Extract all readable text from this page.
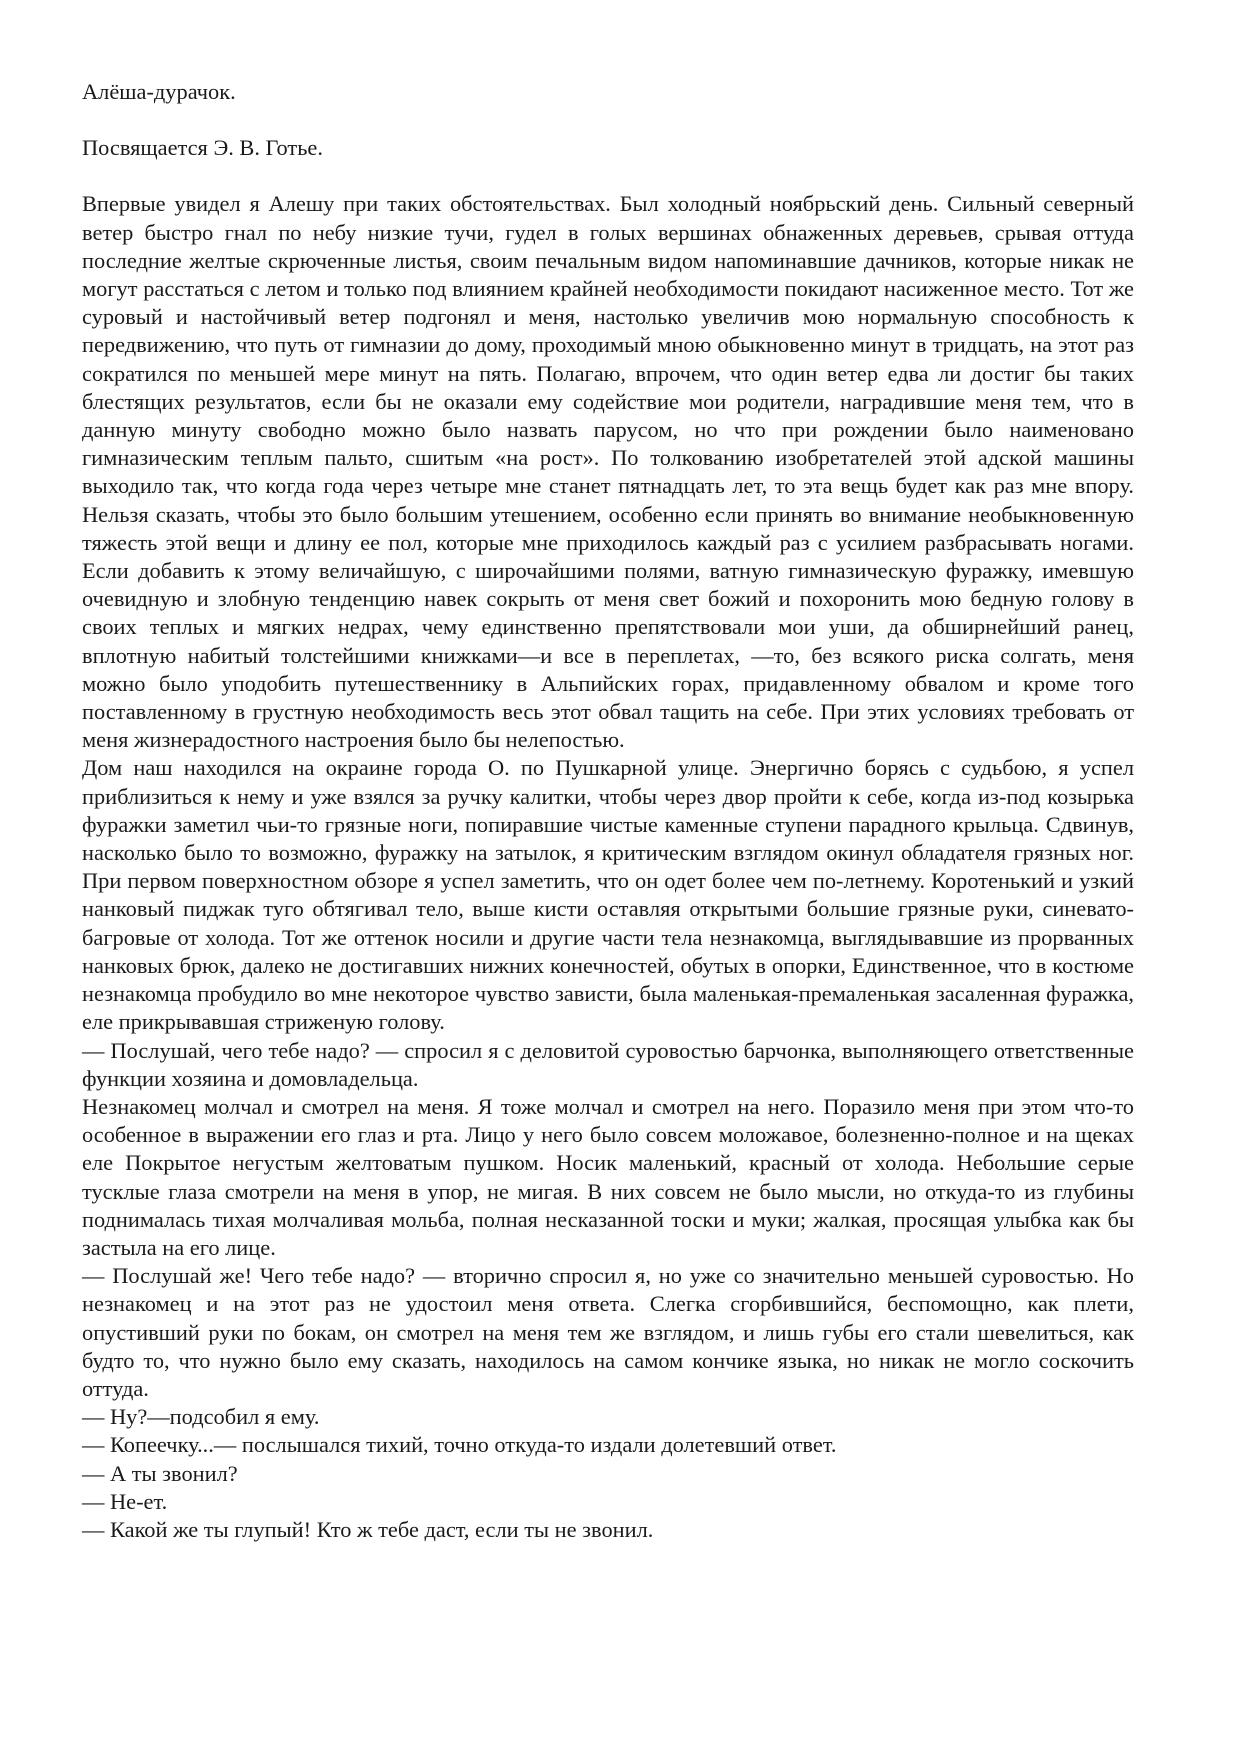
Алёша-дурачок.

Посвящается Э. В. Готье.

Впервые увидел я Алешу при таких обстоятельствах. Был холодный ноябрьский день. Сильный северный ветер быстро гнал по небу низкие тучи, гудел в голых вершинах обнаженных деревьев, срывая оттуда последние желтые скрюченные листья, своим печальным видом напоминавшие дачников, которые никак не могут расстаться с летом и только под влиянием крайней необходимости покидают насиженное место. Тот же суровый и настойчивый ветер подгонял и меня, настолько увеличив мою нормальную способность к передвижению, что путь от гимназии до дому, проходимый мною обыкновенно минут в тридцать, на этот раз сократился по меньшей мере минут на пять. Полагаю, впрочем, что один ветер едва ли достиг бы таких блестящих результатов, если бы не оказали ему содействие мои родители, наградившие меня тем, что в данную минуту свободно можно было назвать парусом, но что при рождении было наименовано гимназическим теплым пальто, сшитым «на рост». По толкованию изобретателей этой адской машины выходило так, что когда года через четыре мне станет пятнадцать лет, то эта вещь будет как раз мне впору. Нельзя сказать, чтобы это было большим утешением, особенно если принять во внимание необыкновенную тяжесть этой вещи и длину ее пол, которые мне приходилось каждый раз с усилием разбрасывать ногами. Если добавить к этому величайшую, с широчайшими полями, ватную гимназическую фуражку, имевшую очевидную и злобную тенденцию навек сокрыть от меня свет божий и похоронить мою бедную голову в своих теплых и мягких недрах, чему единственно препятствовали мои уши, да обширнейший ранец, вплотную набитый толстейшими книжками—и все в переплетах, —то, без всякого риска солгать, меня можно было уподобить путешественнику в Альпийских горах, придавленному обвалом и кроме того поставленному в грустную необходимость весь этот обвал тащить на себе. При этих условиях требовать от меня жизнерадостного настроения было бы нелепостью.

Дом наш находился на окраине города О. по Пушкарной улице. Энергично борясь с судьбою, я успел приблизиться к нему и уже взялся за ручку калитки, чтобы через двор пройти к себе, когда из-под козырька фуражки заметил чьи-то грязные ноги, попиравшие чистые каменные ступени парадного крыльца. Сдвинув, насколько было то возможно, фуражку на затылок, я критическим взглядом окинул обладателя грязных ног. При первом поверхностном обзоре я успел заметить, что он одет более чем по-летнему. Коротенький и узкий нанковый пиджак туго обтягивал тело, выше кисти оставляя открытыми большие грязные руки, синевато-багровые от холода. Тот же оттенок носили и другие части тела незнакомца, выглядывавшие из прорванных нанковых брюк, далеко не достигавших нижних конечностей, обутых в опорки, Единственное, что в костюме незнакомца пробудило во мне некоторое чувство зависти, была маленькая-премаленькая засаленная фуражка, еле прикрывавшая стриженую голову.

— Послушай, чего тебе надо? — спросил я с деловитой суровостью барчонка, выполняющего ответственные функции хозяина и домовладельца.

Незнакомец молчал и смотрел на меня. Я тоже молчал и смотрел на него. Поразило меня при этом что-то особенное в выражении его глаз и рта. Лицо у него было совсем моложавое, болезненно-полное и на щеках еле Покрытое негустым желтоватым пушком. Носик маленький, красный от холода. Небольшие серые тусклые глаза смотрели на меня в упор, не мигая. В них совсем не было мысли, но откуда-то из глубины поднималась тихая молчаливая мольба, полная несказанной тоски и муки; жалкая, просящая улыбка как бы застыла на его лице.

— Послушай же! Чего тебе надо? — вторично спросил я, но уже со значительно меньшей суровостью. Но незнакомец и на этот раз не удостоил меня ответа. Слегка сгорбившийся, беспомощно, как плети, опустивший руки по бокам, он смотрел на меня тем же взглядом, и лишь губы его стали шевелиться, как будто то, что нужно было ему сказать, находилось на самом кончике языка, но никак не могло соскочить оттуда.

— Ну?—подсобил я ему.

— Копеечку...— послышался тихий, точно откуда-то издали долетевший ответ.

— А ты звонил?

— Не-ет.

— Какой же ты глупый! Кто ж тебе даст, если ты не звонил.
